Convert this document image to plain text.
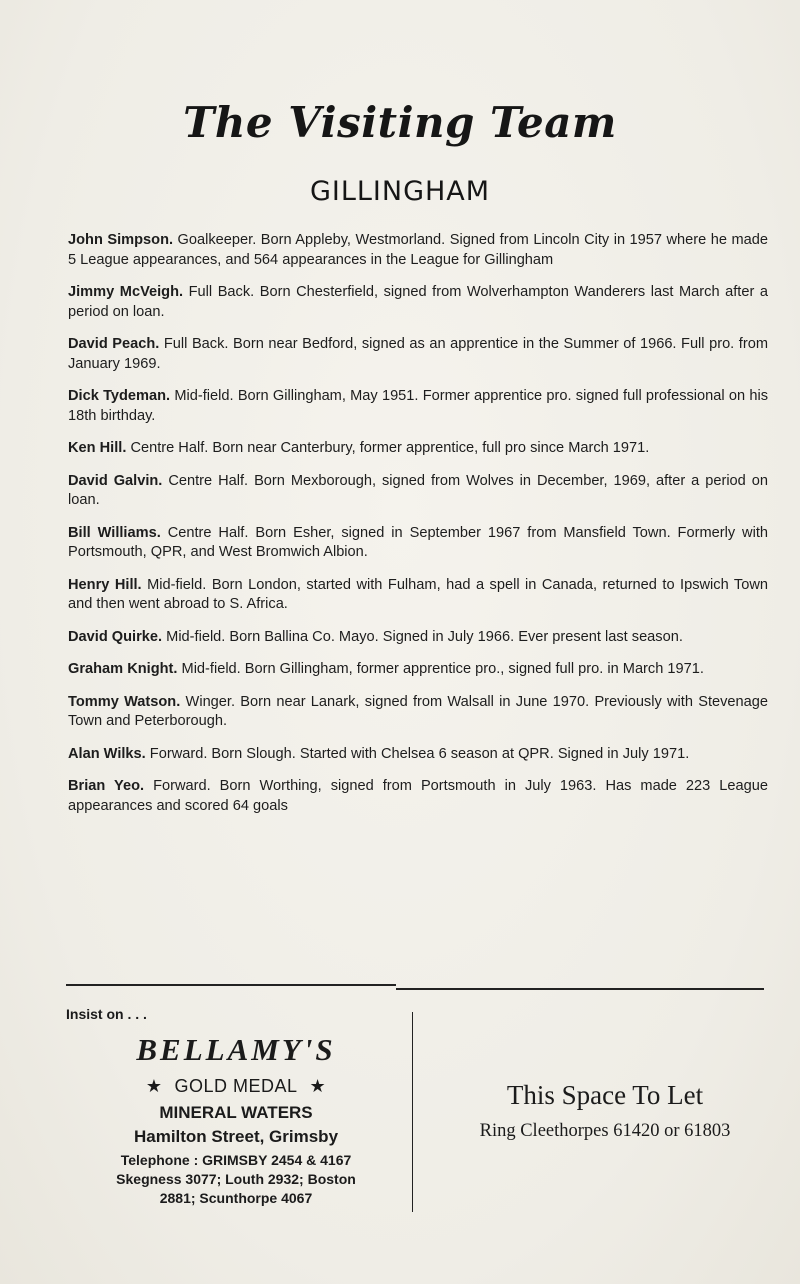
The Visiting Team
GILLINGHAM

John Simpson. Goalkeeper. Born Appleby, Westmorland. Signed from Lincoln City in 1957 where he made 5 League appearances, and 564 appearances in the League for Gillingham

Jimmy McVeigh. Full Back. Born Chesterfield, signed from Wolverhampton Wanderers last March after a period on loan.

David Peach. Full Back. Born near Bedford, signed as an apprentice in the Summer of 1966. Full pro. from January 1969.

Dick Tydeman. Mid-field. Born Gillingham, May 1951. Former apprentice pro. signed full professional on his 18th birthday.

Ken Hill. Centre Half. Born near Canterbury, former apprentice, full pro since March 1971.

David Galvin. Centre Half. Born Mexborough, signed from Wolves in December, 1969, after a period on loan.

Bill Williams. Centre Half. Born Esher, signed in September 1967 from Mansfield Town. Formerly with Portsmouth, QPR, and West Bromwich Albion.

Henry Hill. Mid-field. Born London, started with Fulham, had a spell in Canada, returned to Ipswich Town and then went abroad to S. Africa.

David Quirke. Mid-field. Born Ballina Co. Mayo. Signed in July 1966. Ever present last season.

Graham Knight. Mid-field. Born Gillingham, former apprentice pro., signed full pro. in March 1971.

Tommy Watson. Winger. Born near Lanark, signed from Walsall in June 1970. Previously with Stevenage Town and Peterborough.

Alan Wilks. Forward. Born Slough. Started with Chelsea 6 season at QPR. Signed in July 1971.

Brian Yeo. Forward. Born Worthing, signed from Portsmouth in July 1963. Has made 223 League appearances and scored 64 goals

Insist on . . .

BELLAMY'S

★ GOLD MEDAL ★

MINERAL WATERS

Hamilton Street, Grimsby

Telephone : GRIMSBY 2454 & 4167
Skegness 3077; Louth 2932; Boston
2881; Scunthorpe 4067

This Space To Let

Ring Cleethorpes 61420 or 61803
